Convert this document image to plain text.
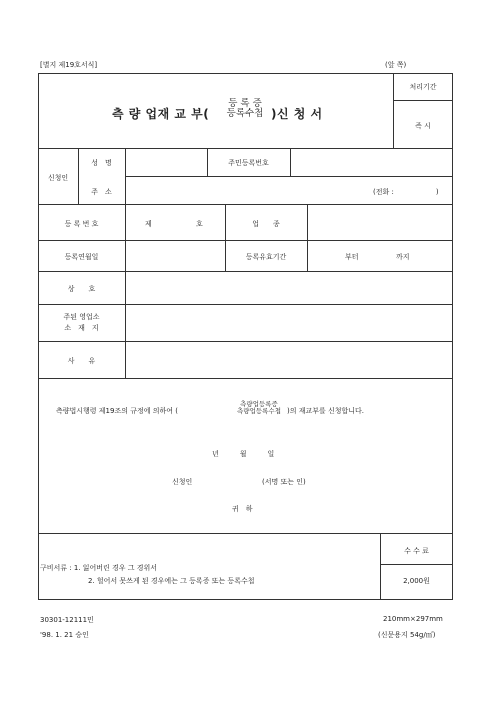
[별지 제19호서식]	(앞 쪽)
처리기간
즉 시
측 량 업재 교 부(
등 록 증
등록수첩 )신 청 서
신청인
성　명	주민등록번호
주　소	(전화 :　　　　　　)
등 록 번 호	제	호	업　　종
등록연월일	등록유효기간	부터	까지
상　　호
주된 영업소
소　재　지
사　　유
측량법시행령 제19조의 규정에 의하여 (
측량업등록증
측량업등록수첩 )의 재교부를 신청합니다.
년　　　월　　　일
신청인	(서명 또는 인)
귀　하
구비서류 : 1. 잃어버린 경우 그 경위서
2. 헐어서 못쓰게 된 경우에는 그 등록증 또는 등록수첩
수 수 료
2,000원
30301-12111민
'98. 1. 21 승인
210mm×297mm
(신문용지 54g/㎡)
